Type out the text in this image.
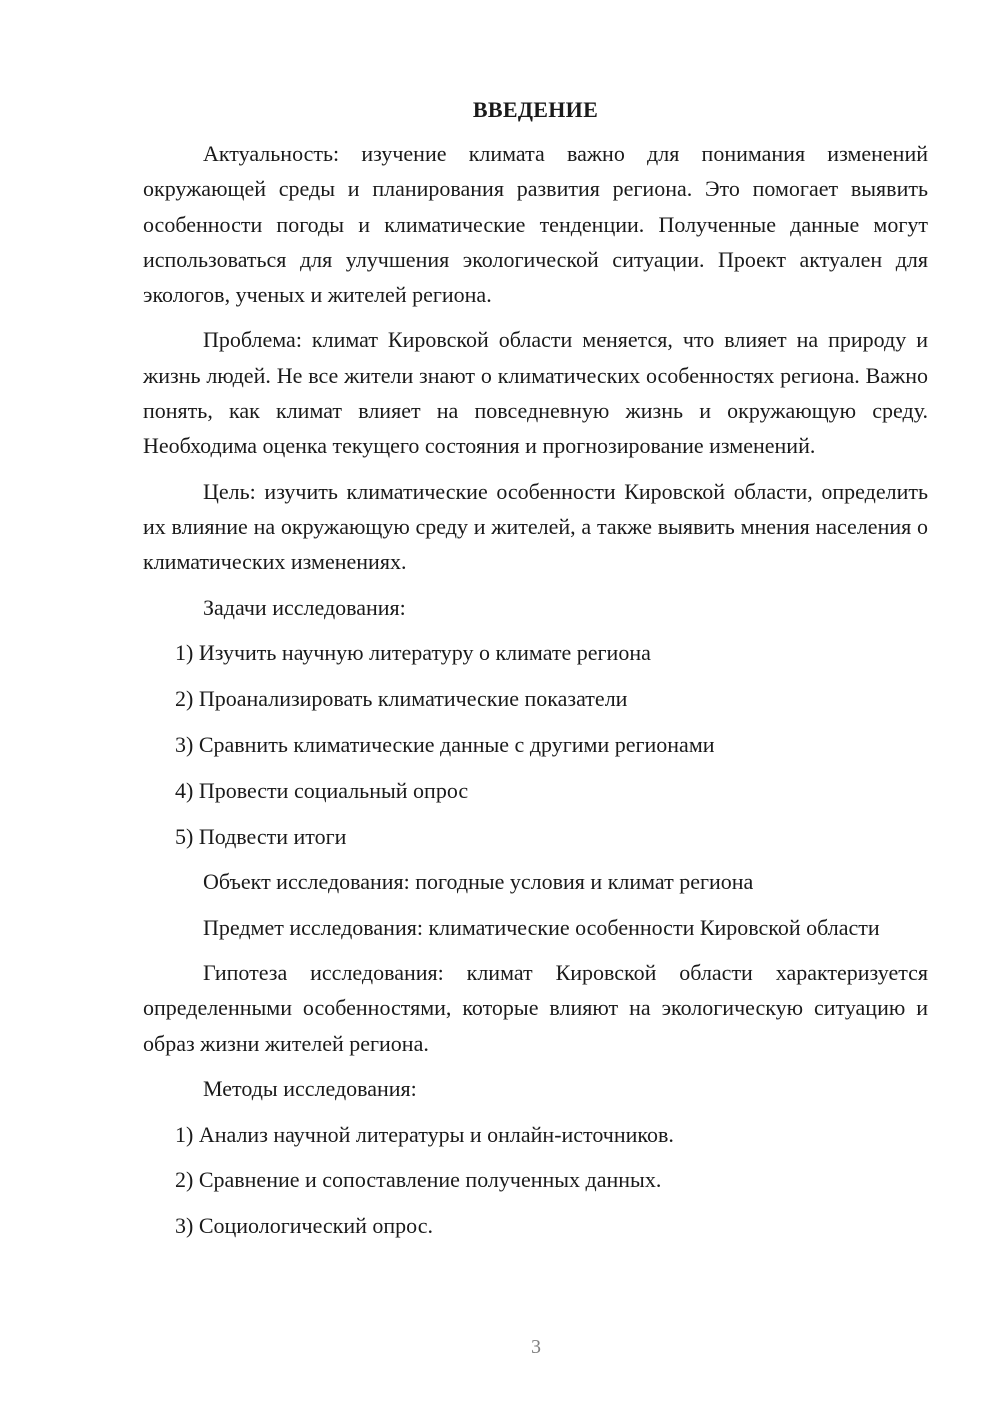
ВВЕДЕНИЕ

Актуальность: изучение климата важно для понимания изменений окружающей среды и планирования развития региона. Это помогает выявить особенности погоды и климатические тенденции. Полученные данные могут использоваться для улучшения экологической ситуации. Проект актуален для экологов, ученых и жителей региона.

Проблема: климат Кировской области меняется, что влияет на природу и жизнь людей. Не все жители знают о климатических особенностях региона. Важно понять, как климат влияет на повседневную жизнь и окружающую среду. Необходима оценка текущего состояния и прогнозирование изменений.

Цель: изучить климатические особенности Кировской области, определить их влияние на окружающую среду и жителей, а также выявить мнения населения о климатических изменениях.

Задачи исследования:

1) Изучить научную литературу о климате региона

2) Проанализировать климатические показатели

3) Сравнить климатические данные с другими регионами

4) Провести социальный опрос

5) Подвести итоги

Объект исследования: погодные условия и климат региона

Предмет исследования: климатические особенности Кировской области

Гипотеза исследования: климат Кировской области характеризуется определенными особенностями, которые влияют на экологическую ситуацию и образ жизни жителей региона.

Методы исследования:

1) Анализ научной литературы и онлайн-источников.

2) Сравнение и сопоставление полученных данных.

3) Социологический опрос.

3
